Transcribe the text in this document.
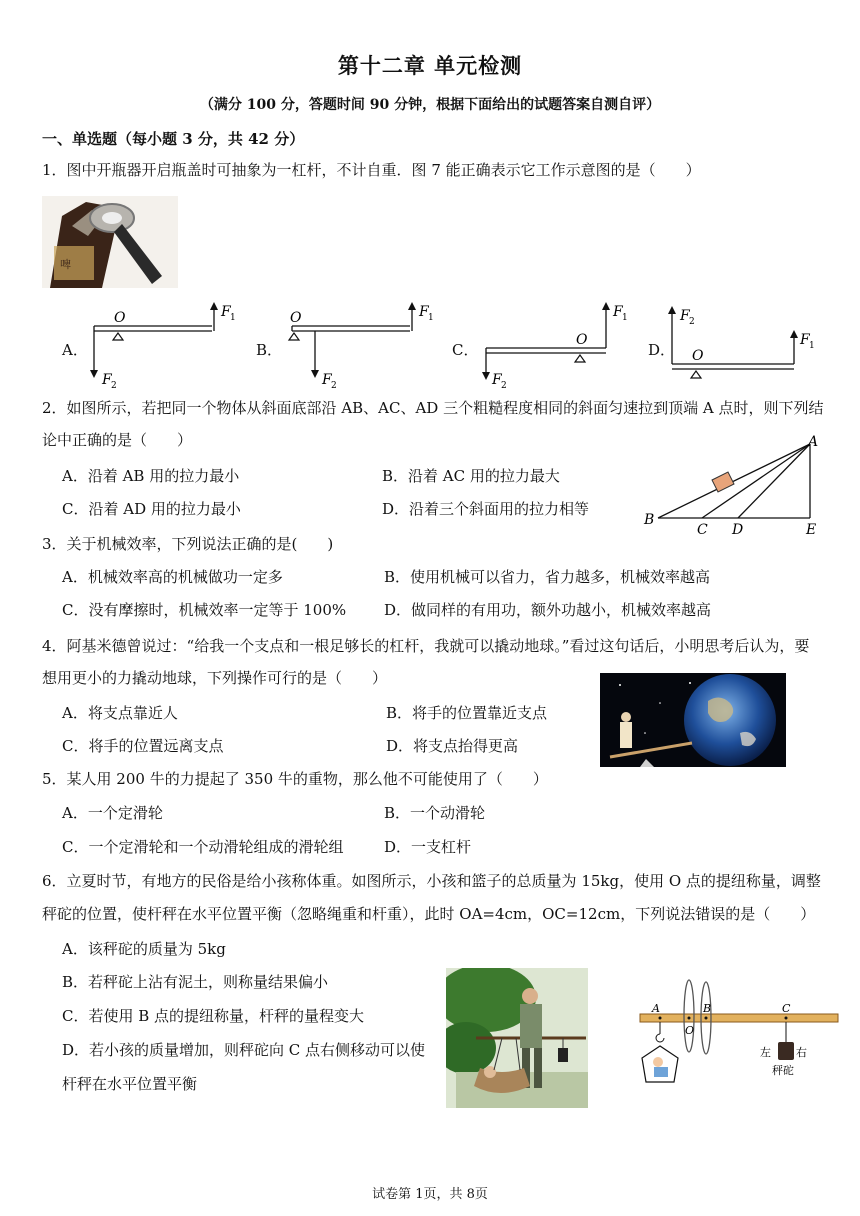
第十二章 单元检测
（满分 100 分，答题时间 90 分钟，根据下面给出的试题答案自测自评）
一、单选题（每小题 3 分，共 42 分）
1．图中开瓶器开启瓶盖时可抽象为一杠杆，不计自重．图 7 能正确表示它工作示意图的是（　　）
啤
A．
O	F 1
F 2
B．
O	F 1
F 2
C．
O
F 1
F 2
D． O
F 2
F 1
2．如图所示，若把同一个物体从斜面底部沿 AB、AC、AD 三个粗糙程度相同的斜面匀速拉到顶端 A 点时，则下列结
论中正确的是（　　）
A．沿着 AB 用的拉力最小	B．沿着 AC 用的拉力最大
C．沿着 AD 用的拉力最小	D．沿着三个斜面用的拉力相等
A
B
C D	E
3．关于机械效率，下列说法正确的是(　　)
A．机械效率高的机械做功一定多	B．使用机械可以省力，省力越多，机械效率越高
C．没有摩擦时，机械效率一定等于 100%	D．做同样的有用功，额外功越小，机械效率越高
4．阿基米德曾说过：“给我一个支点和一根足够长的杠杆，我就可以撬动地球。”看过这句话后，小明思考后认为，要
想用更小的力撬动地球，下列操作可行的是（　　）
A．将支点靠近人	B．将手的位置靠近支点
C．将手的位置远离支点	D．将支点抬得更高
5．某人用 200 牛的力提起了 350 牛的重物，那么他不可能使用了（　　）
A．一个定滑轮	B．一个动滑轮
C．一个定滑轮和一个动滑轮组成的滑轮组	D．一支杠杆
6．立夏时节，有地方的民俗是给小孩称体重。如图所示，小孩和篮子的总质量为 15kg，使用 O 点的提纽称量，调整
秤砣的位置，使杆秤在水平位置平衡（忽略绳重和杆重），此时 OA=4cm，OC=12cm，下列说法错误的是（　　）
A．该秤砣的质量为 5kg
B．若秤砣上沾有泥土，则称量结果偏小
C．若使用 B 点的提纽称量，杆秤的量程变大
D．若小孩的质量增加，则秤砣向 C 点右侧移动可以使
杆秤在水平位置平衡
A
O
B	C
左 右
秤砣
试卷第 1页，共 8页
